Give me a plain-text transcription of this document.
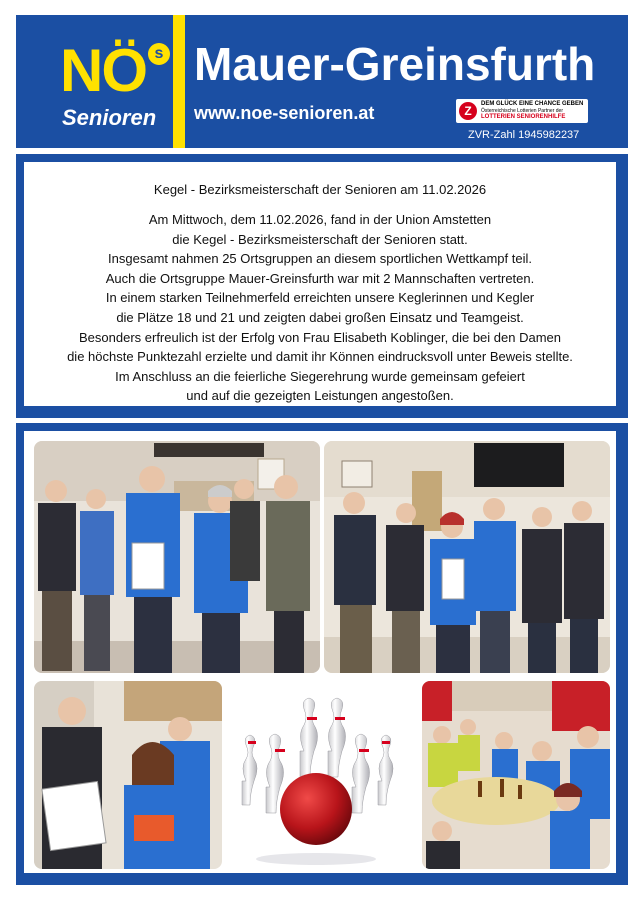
NÖ s
Senioren
Mauer-Greinsfurth
www.noe-senioren.at	Z	DEM GLÜCK EINE CHANCE GEBEN
Österreichische Lotterien Partner der
LOTTERIEN SENIORENHILFE
ZVR-Zahl 1945982237
Kegel - Bezirksmeisterschaft der Senioren am 11.02.2026
Am Mittwoch, dem 11.02.2026, fand in der Union Amstetten
die Kegel - Bezirksmeisterschaft der Senioren statt.
Insgesamt nahmen 25 Ortsgruppen an diesem sportlichen Wettkampf teil.
Auch die Ortsgruppe Mauer-Greinsfurth war mit 2 Mannschaften vertreten.
In einem starken Teilnehmerfeld erreichten unsere Keglerinnen und Kegler
die Plätze 18 und 21 und zeigten dabei großen Einsatz und Teamgeist.
Besonders erfreulich ist der Erfolg von Frau Elisabeth Koblinger, die bei den Damen
die höchste Punktezahl erzielte und damit ihr Können eindrucksvoll unter Beweis stellte.
Im Anschluss an die feierliche Siegerehrung wurde gemeinsam gefeiert
und auf die gezeigten Leistungen angestoßen.
